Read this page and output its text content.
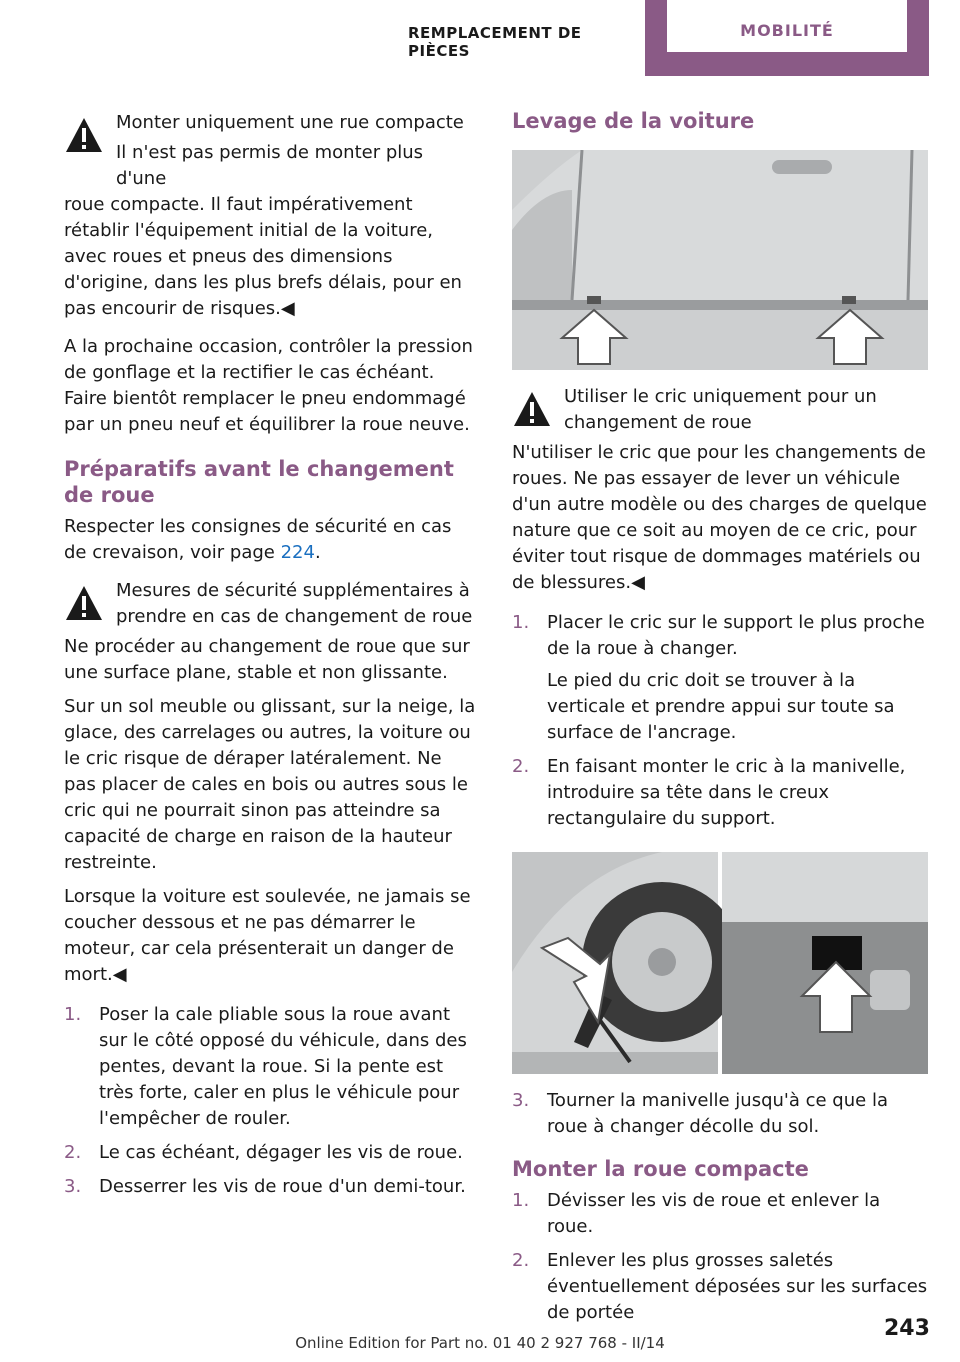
REMPLACEMENT DE PIÈCES
MOBILITÉ

Monter uniquement une rue compacte

Il n'est pas permis de monter plus d'une

roue compacte. Il faut impérativement rétablir l'équipement initial de la voiture, avec roues et pneus des dimensions d'origine, dans les plus brefs délais, pour en pas encourir de risques.◀

A la prochaine occasion, contrôler la pression de gonflage et la rectifier le cas échéant. Faire bientôt remplacer le pneu endommagé par un pneu neuf et équilibrer la roue neuve.

Préparatifs avant le changement de roue

Respecter les consignes de sécurité en cas de crevaison, voir page 224.

Mesures de sécurité supplémentaires à prendre en cas de changement de roue

Ne procéder au changement de roue que sur une surface plane, stable et non glissante.

Sur un sol meuble ou glissant, sur la neige, la glace, des carrelages ou autres, la voiture ou le cric risque de déraper latéralement. Ne pas placer de cales en bois ou autres sous le cric qui ne pourrait sinon pas atteindre sa capacité de charge en raison de la hauteur restreinte.

Lorsque la voiture est soulevée, ne jamais se coucher dessous et ne pas démarrer le moteur, car cela présenterait un danger de mort.◀

1. Poser la cale pliable sous la roue avant sur le côté opposé du véhicule, dans des pentes, devant la roue. Si la pente est très forte, caler en plus le véhicule pour l'empêcher de rouler.
2. Le cas échéant, dégager les vis de roue.
3. Desserrer les vis de roue d'un demi-tour.
Levage de la voiture

Utiliser le cric uniquement pour un changement de roue

N'utiliser le cric que pour les changements de roues. Ne pas essayer de lever un véhicule d'un autre modèle ou des charges de quelque nature que ce soit au moyen de ce cric, pour éviter tout risque de dommages matériels ou de blessures.◀

1. Placer le cric sur le support le plus proche de la roue à changer.

Le pied du cric doit se trouver à la verticale et prendre appui sur toute sa surface de l'ancrage.

2. En faisant monter le cric à la manivelle, introduire sa tête dans le creux rectangulaire du support.
3. Tourner la manivelle jusqu'à ce que la roue à changer décolle du sol.
Monter la roue compacte
1. Dévisser les vis de roue et enlever la roue.
2. Enlever les plus grosses saletés éventuellement déposées sur les surfaces de portée
243
Online Edition for Part no. 01 40 2 927 768 - II/14
